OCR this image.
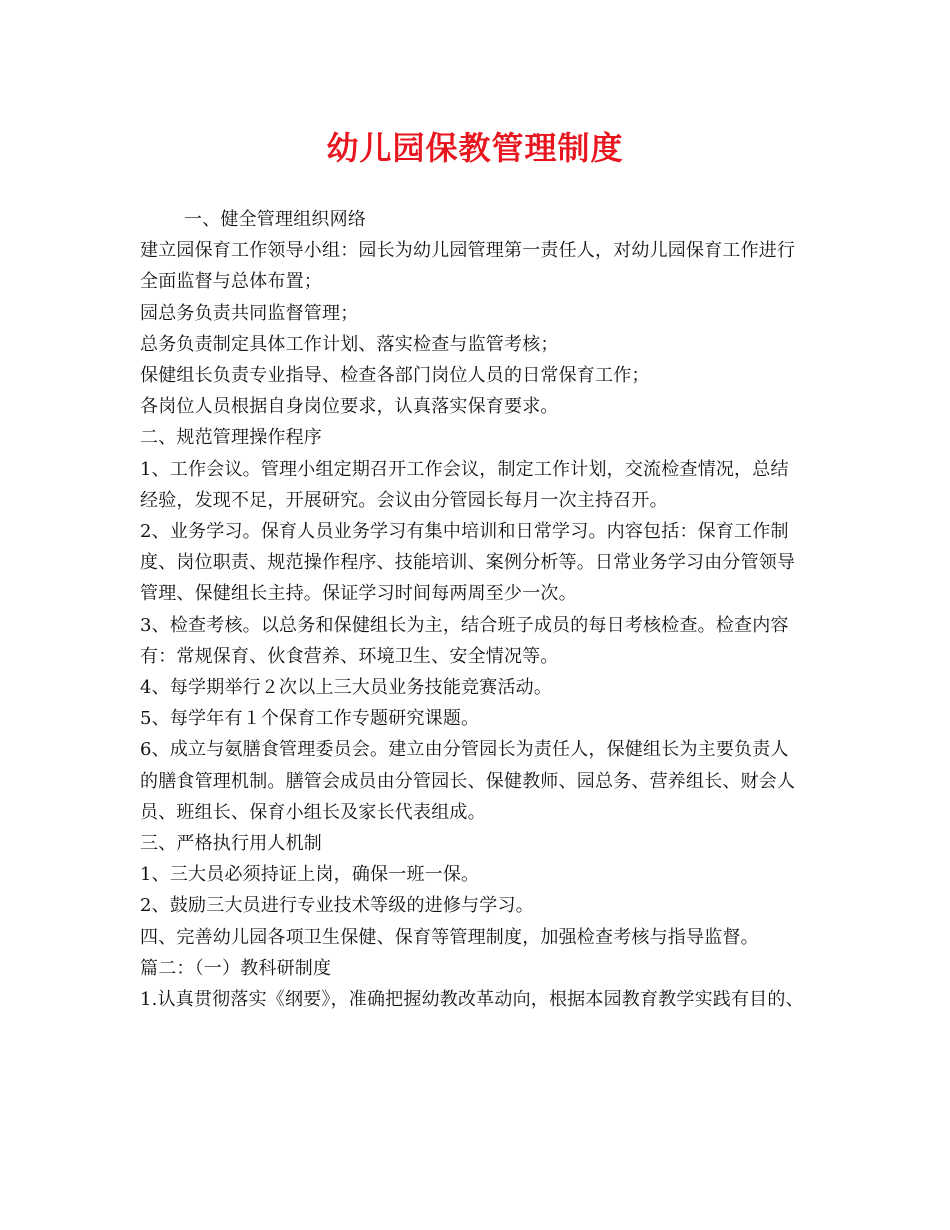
幼儿园保教管理制度
一、健全管理组织网络
建立园保育工作领导小组：园长为幼儿园管理第一责任人，对幼儿园保育工作进行
全面监督与总体布置；
园总务负责共同监督管理；
总务负责制定具体工作计划、落实检查与监管考核；
保健组长负责专业指导、检查各部门岗位人员的日常保育工作；
各岗位人员根据自身岗位要求，认真落实保育要求。
二、规范管理操作程序
1、工作会议。管理小组定期召开工作会议，制定工作计划，交流检查情况，总结
经验，发现不足，开展研究。会议由分管园长每月一次主持召开。
2、业务学习。保育人员业务学习有集中培训和日常学习。内容包括：保育工作制
度、岗位职责、规范操作程序、技能培训、案例分析等。日常业务学习由分管领导
管理、保健组长主持。保证学习时间每两周至少一次。
3、检查考核。以总务和保健组长为主，结合班子成员的每日考核检查。检查内容
有：常规保育、伙食营养、环境卫生、安全情况等。
4、每学期举行２次以上三大员业务技能竞赛活动。
5、每学年有１个保育工作专题研究课题。
6、成立与氨膳食管理委员会。建立由分管园长为责任人，保健组长为主要负责人
的膳食管理机制。膳管会成员由分管园长、保健教师、园总务、营养组长、财会人
员、班组长、保育小组长及家长代表组成。
三、严格执行用人机制
1、三大员必须持证上岗，确保一班一保。
2、鼓励三大员进行专业技术等级的进修与学习。
四、完善幼儿园各项卫生保健、保育等管理制度，加强检查考核与指导监督。
篇二：（一）教科研制度
1.认真贯彻落实《纲要》，准确把握幼教改革动向，根据本园教育教学实践有目的、
